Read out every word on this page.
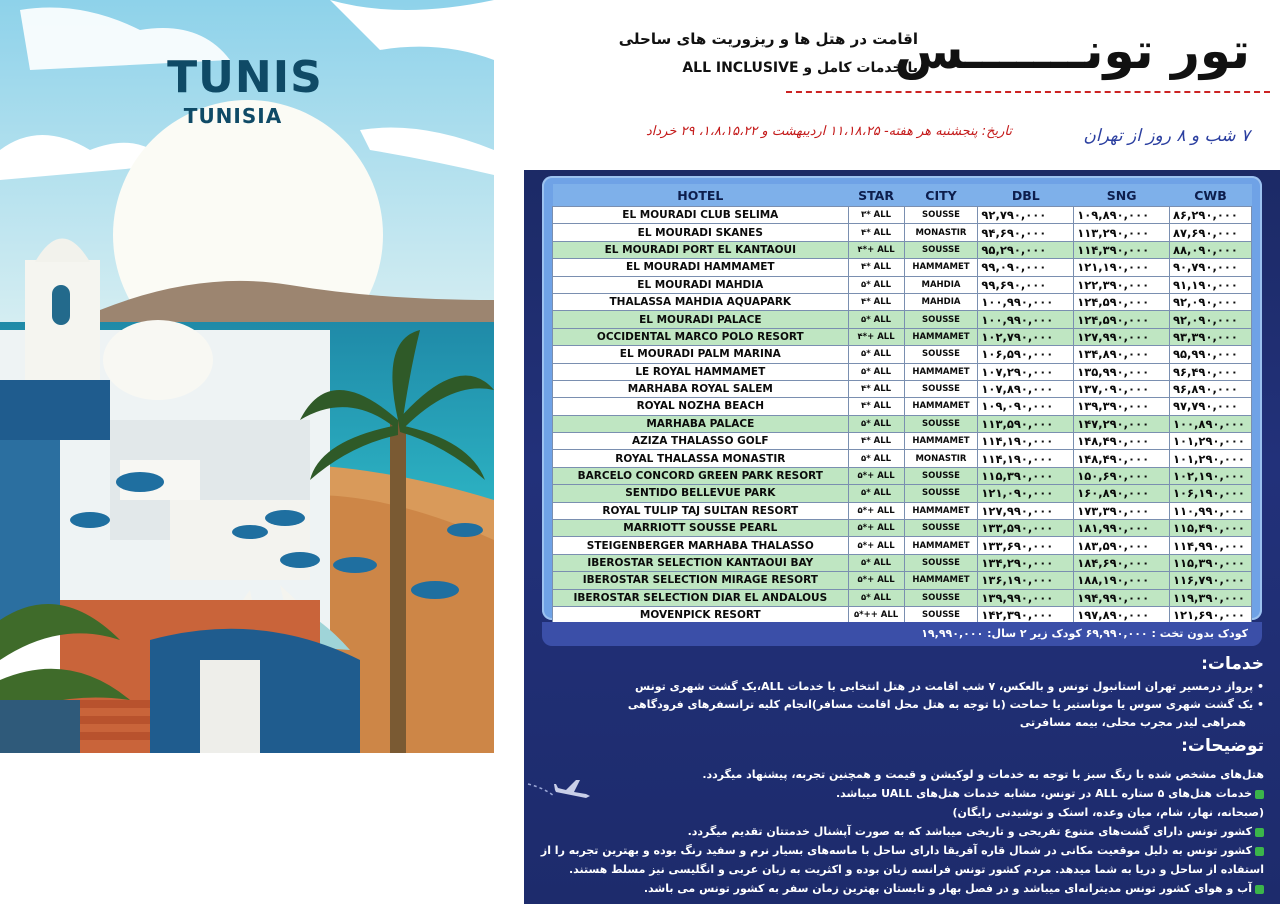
TUNIS
TUNISIA
تور تونـــــــس
اقامت در هتل ها و ریزوریت های ساحلی
با خدمات کامل و ALL INCLUSIVE
۷ شب و ۸ روز از تهران
تاریخ: پنجشنبه هر هفته- ۱۱،۱۸،۲۵ اردیبهشت و ۱،۸،۱۵،۲۲، ۲۹ خرداد
HOTEL	STAR	CITY	DBL	SNG	CWB
EL MOURADI CLUB SELIMA	۳* ALL	SOUSSE	۹۲,۷۹۰,۰۰۰	۱۰۹,۸۹۰,۰۰۰	۸۶,۲۹۰,۰۰۰
EL MOURADI SKANES	۴* ALL	MONASTIR	۹۴,۶۹۰,۰۰۰	۱۱۳,۲۹۰,۰۰۰	۸۷,۶۹۰,۰۰۰
EL MOURADI PORT EL KANTAOUI	۴*+ ALL	SOUSSE	۹۵,۲۹۰,۰۰۰	۱۱۴,۳۹۰,۰۰۰	۸۸,۰۹۰,۰۰۰
EL MOURADI HAMMAMET	۴* ALL	HAMMAMET	۹۹,۰۹۰,۰۰۰	۱۲۱,۱۹۰,۰۰۰	۹۰,۷۹۰,۰۰۰
EL MOURADI MAHDIA	۵* ALL	MAHDIA	۹۹,۶۹۰,۰۰۰	۱۲۲,۳۹۰,۰۰۰	۹۱,۱۹۰,۰۰۰
THALASSA MAHDIA AQUAPARK	۴* ALL	MAHDIA	۱۰۰,۹۹۰,۰۰۰	۱۲۴,۵۹۰,۰۰۰	۹۲,۰۹۰,۰۰۰
EL MOURADI PALACE	۵* ALL	SOUSSE	۱۰۰,۹۹۰,۰۰۰	۱۲۴,۵۹۰,۰۰۰	۹۲,۰۹۰,۰۰۰
OCCIDENTAL MARCO POLO RESORT	۴*+ ALL	HAMMAMET	۱۰۲,۷۹۰,۰۰۰	۱۲۷,۹۹۰,۰۰۰	۹۳,۳۹۰,۰۰۰
EL MOURADI PALM MARINA	۵* ALL	SOUSSE	۱۰۶,۵۹۰,۰۰۰	۱۳۴,۸۹۰,۰۰۰	۹۵,۹۹۰,۰۰۰
LE ROYAL HAMMAMET	۵* ALL	HAMMAMET	۱۰۷,۲۹۰,۰۰۰	۱۳۵,۹۹۰,۰۰۰	۹۶,۴۹۰,۰۰۰
MARHABA ROYAL SALEM	۴* ALL	SOUSSE	۱۰۷,۸۹۰,۰۰۰	۱۳۷,۰۹۰,۰۰۰	۹۶,۸۹۰,۰۰۰
ROYAL NOZHA BEACH	۴* ALL	HAMMAMET	۱۰۹,۰۹۰,۰۰۰	۱۳۹,۳۹۰,۰۰۰	۹۷,۷۹۰,۰۰۰
MARHABA PALACE	۵* ALL	SOUSSE	۱۱۳,۵۹۰,۰۰۰	۱۴۷,۲۹۰,۰۰۰	۱۰۰,۸۹۰,۰۰۰
AZIZA THALASSO GOLF	۴* ALL	HAMMAMET	۱۱۴,۱۹۰,۰۰۰	۱۴۸,۴۹۰,۰۰۰	۱۰۱,۲۹۰,۰۰۰
ROYAL THALASSA MONASTIR	۵* ALL	MONASTIR	۱۱۴,۱۹۰,۰۰۰	۱۴۸,۴۹۰,۰۰۰	۱۰۱,۲۹۰,۰۰۰
BARCELO CONCORD GREEN PARK RESORT	۵*+ ALL	SOUSSE	۱۱۵,۳۹۰,۰۰۰	۱۵۰,۶۹۰,۰۰۰	۱۰۲,۱۹۰,۰۰۰
SENTIDO BELLEVUE PARK	۵* ALL	SOUSSE	۱۲۱,۰۹۰,۰۰۰	۱۶۰,۸۹۰,۰۰۰	۱۰۶,۱۹۰,۰۰۰
ROYAL TULIP TAJ SULTAN RESORT	۵*+ ALL	HAMMAMET	۱۲۷,۹۹۰,۰۰۰	۱۷۳,۳۹۰,۰۰۰	۱۱۰,۹۹۰,۰۰۰
MARRIOTT SOUSSE PEARL	۵*+ ALL	SOUSSE	۱۳۳,۵۹۰,۰۰۰	۱۸۱,۹۹۰,۰۰۰	۱۱۵,۴۹۰,۰۰۰
STEIGENBERGER MARHABA THALASSO	۵*+ ALL	HAMMAMET	۱۳۳,۶۹۰,۰۰۰	۱۸۳,۵۹۰,۰۰۰	۱۱۴,۹۹۰,۰۰۰
IBEROSTAR SELECTION KANTAOUI BAY	۵* ALL	SOUSSE	۱۳۴,۲۹۰,۰۰۰	۱۸۴,۶۹۰,۰۰۰	۱۱۵,۳۹۰,۰۰۰
IBEROSTAR SELECTION MIRAGE RESORT	۵*+ ALL	HAMMAMET	۱۳۶,۱۹۰,۰۰۰	۱۸۸,۱۹۰,۰۰۰	۱۱۶,۷۹۰,۰۰۰
IBEROSTAR SELECTION DIAR EL ANDALOUS	۵* ALL	SOUSSE	۱۳۹,۹۹۰,۰۰۰	۱۹۴,۹۹۰,۰۰۰	۱۱۹,۳۹۰,۰۰۰
MOVENPICK RESORT	۵*++ ALL	SOUSSE	۱۴۲,۳۹۰,۰۰۰	۱۹۷,۸۹۰,۰۰۰	۱۲۱,۶۹۰,۰۰۰
کودک بدون تخت : ۶۹,۹۹۰,۰۰۰ کودک زیر ۲ سال: ۱۹,۹۹۰,۰۰۰
خدمات:
• پرواز درمسیر تهران استانبول تونس و بالعکس، ۷ شب اقامت در هتل انتخابی با خدمات ALL،یک گشت شهری تونس
• یک گشت شهری سوس یا موناستیر یا حماحت (با توجه به هتل محل اقامت مسافر)انجام کلیه ترانسفرهای فرودگاهی
همراهی لیدر مجرب محلی، بیمه مسافرتی
توضیحات:
هتل‌های مشخص شده با رنگ سبز با توجه به خدمات و لوکیشن و قیمت و همچنین تجربه، پیشنهاد میگردد.
خدمات هتل‌های ۵ ستاره ALL در تونس، مشابه خدمات هتل‌های UALL میباشد.
(صبحانه، نهار، شام، میان وعده، اسنک و نوشیدنی رایگان)
کشور تونس دارای گشت‌های متنوع تفریحی و تاریخی میباشد که به صورت آپشنال خدمتتان تقدیم میگردد.
کشور تونس به دلیل موقعیت مکانی در شمال قاره آفریقا دارای ساحل با ماسه‌های بسیار نرم و سفید رنگ بوده و بهترین تجربه را از
استفاده از ساحل و دریا به شما میدهد. مردم کشور تونس فرانسه زبان بوده و اکثریت به زبان عربی و انگلیسی نیز مسلط هستند.
آب و هوای کشور تونس مدیترانه‌ای میباشد و در فصل بهار و تابستان بهترین زمان سفر به کشور تونس می باشد.
